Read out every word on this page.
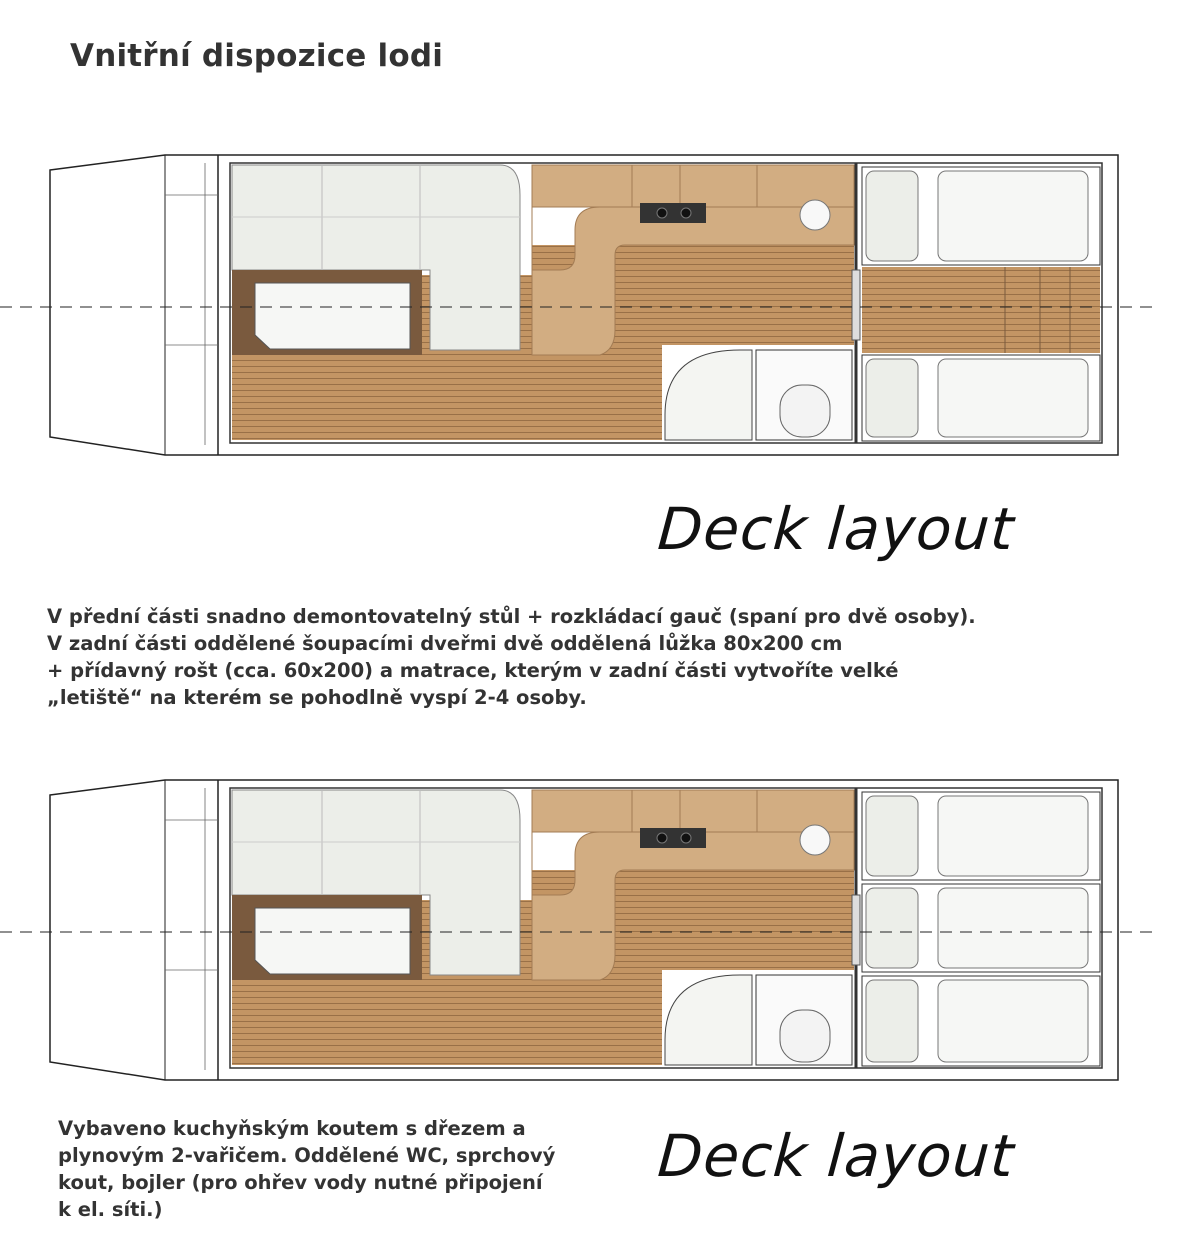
Vnitřní dispozice lodi
Deck layout
V přední části snadno demontovatelný stůl + rozkládací gauč (spaní pro dvě osoby).
V zadní části oddělené šoupacími dveřmi dvě oddělená lůžka 80x200 cm
+ přídavný rošt (cca. 60x200) a matrace, kterým v zadní části vytvoříte velké
„letiště“ na kterém se pohodlně vyspí 2-4 osoby.
Vybaveno kuchyňským koutem s dřezem a
plynovým 2-vařičem. Oddělené WC, sprchový
kout, bojler (pro ohřev vody nutné připojení
k el. síti.)
Deck layout
